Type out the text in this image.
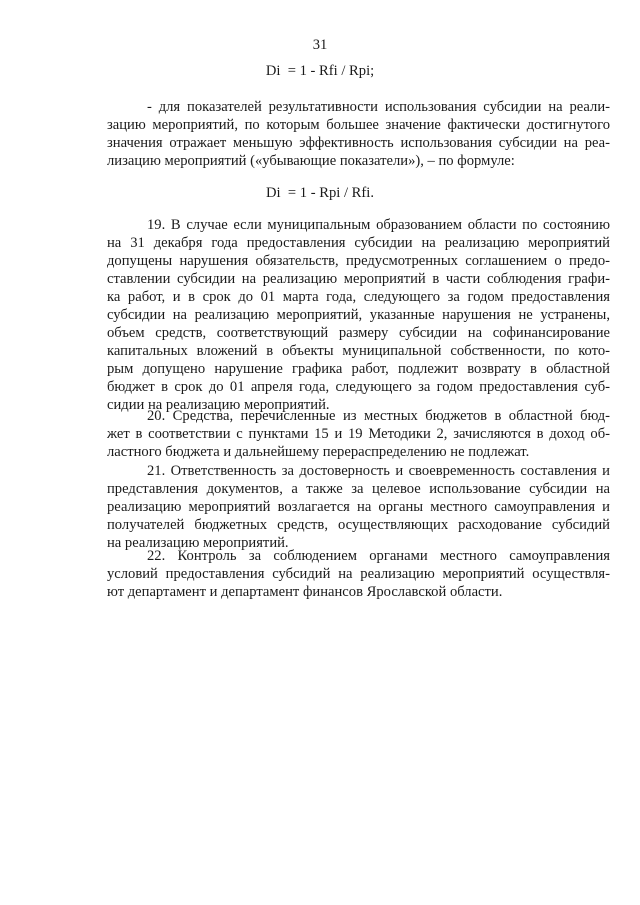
31
Di  = 1 - Rfi / Rpi;

- для показателей результативности использования субсидии на реали-
зацию мероприятий, по которым большее значение фактически достигнутого
значения отражает меньшую эффективность использования субсидии на реа-
лизацию мероприятий («убывающие показатели»), – по формуле:

Di  = 1 - Rpi / Rfi.

19. В случае если муниципальным образованием области по состоянию
на 31 декабря года предоставления субсидии на реализацию мероприятий
допущены нарушения обязательств, предусмотренных соглашением о предо-
ставлении субсидии на реализацию мероприятий в части соблюдения графи-
ка работ, и в срок до 01 марта года, следующего за годом предоставления
субсидии на реализацию мероприятий, указанные нарушения не устранены,
объем средств, соответствующий размеру субсидии на софинансирование
капитальных вложений в объекты муниципальной собственности, по кото-
рым допущено нарушение графика работ, подлежит возврату в областной
бюджет в срок до 01 апреля года, следующего за годом предоставления суб-
сидии на реализацию мероприятий.

20. Средства, перечисленные из местных бюджетов в областной бюд-
жет в соответствии с пунктами 15 и 19 Методики 2, зачисляются в доход об-
ластного бюджета и дальнейшему перераспределению не подлежат.

21. Ответственность за достоверность и своевременность составления и
представления документов, а также за целевое использование субсидии на
реализацию мероприятий возлагается на органы местного самоуправления и
получателей бюджетных средств, осуществляющих расходование субсидий
на реализацию мероприятий.

22. Контроль за соблюдением органами местного самоуправления
условий предоставления субсидий на реализацию мероприятий осуществля-
ют департамент и департамент финансов Ярославской области.
